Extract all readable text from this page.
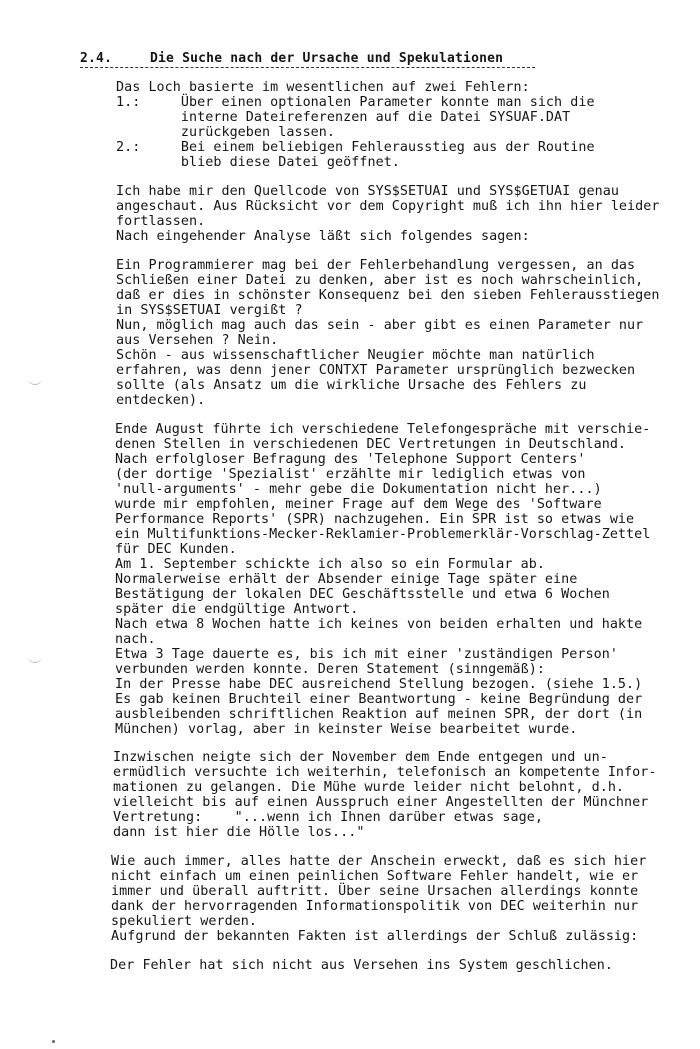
2.4.	Die Suche nach der Ursache und Spekulationen
Das Loch basierte im wesentlichen auf zwei Fehlern:
1.:     Über einen optionalen Parameter konnte man sich die
interne Dateireferenzen auf die Datei SYSUAF.DAT
zurückgeben lassen.
2.:     Bei einem beliebigen Fehlerausstieg aus der Routine
blieb diese Datei geöffnet.
Ich habe mir den Quellcode von SYS$SETUAI und SYS$GETUAI genau
angeschaut. Aus Rücksicht vor dem Copyright muß ich ihn hier leider
fortlassen.
Nach eingehender Analyse läßt sich folgendes sagen:
Ein Programmierer mag bei der Fehlerbehandlung vergessen, an das
Schließen einer Datei zu denken, aber ist es noch wahrscheinlich,
daß er dies in schönster Konsequenz bei den sieben Fehlerausstiegen
in SYS$SETUAI vergißt ?
Nun, möglich mag auch das sein - aber gibt es einen Parameter nur
aus Versehen ? Nein.
Schön - aus wissenschaftlicher Neugier möchte man natürlich
erfahren, was denn jener CONTXT Parameter ursprünglich bezwecken
sollte (als Ansatz um die wirkliche Ursache des Fehlers zu
entdecken).
Ende August führte ich verschiedene Telefongespräche mit verschie-
denen Stellen in verschiedenen DEC Vertretungen in Deutschland.
Nach erfolgloser Befragung des 'Telephone Support Centers'
(der dortige 'Spezialist' erzählte mir lediglich etwas von
'null-arguments' - mehr gebe die Dokumentation nicht her...)
wurde mir empfohlen, meiner Frage auf dem Wege des 'Software
Performance Reports' (SPR) nachzugehen. Ein SPR ist so etwas wie
ein Multifunktions-Mecker-Reklamier-Problemerklär-Vorschlag-Zettel
für DEC Kunden.
Am 1. September schickte ich also so ein Formular ab.
Normalerweise erhält der Absender einige Tage später eine
Bestätigung der lokalen DEC Geschäftsstelle und etwa 6 Wochen
später die endgültige Antwort.
Nach etwa 8 Wochen hatte ich keines von beiden erhalten und hakte
nach.
Etwa 3 Tage dauerte es, bis ich mit einer 'zuständigen Person'
verbunden werden konnte. Deren Statement (sinngemäß):
In der Presse habe DEC ausreichend Stellung bezogen. (siehe 1.5.)
Es gab keinen Bruchteil einer Beantwortung - keine Begründung der
ausbleibenden schriftlichen Reaktion auf meinen SPR, der dort (in
München) vorlag, aber in keinster Weise bearbeitet wurde.
Inzwischen neigte sich der November dem Ende entgegen und un-
ermüdlich versuchte ich weiterhin, telefonisch an kompetente Infor-
mationen zu gelangen. Die Mühe wurde leider nicht belohnt, d.h.
vielleicht bis auf einen Ausspruch einer Angestellten der Münchner
Vertretung:    "...wenn ich Ihnen darüber etwas sage,
dann ist hier die Hölle los..."
Wie auch immer, alles hatte der Anschein erweckt, daß es sich hier
nicht einfach um einen peinlichen Software Fehler handelt, wie er
immer und überall auftritt. Über seine Ursachen allerdings konnte
dank der hervorragenden Informationspolitik von DEC weiterhin nur
spekuliert werden.
Aufgrund der bekannten Fakten ist allerdings der Schluß zulässig:
Der Fehler hat sich nicht aus Versehen ins System geschlichen.
